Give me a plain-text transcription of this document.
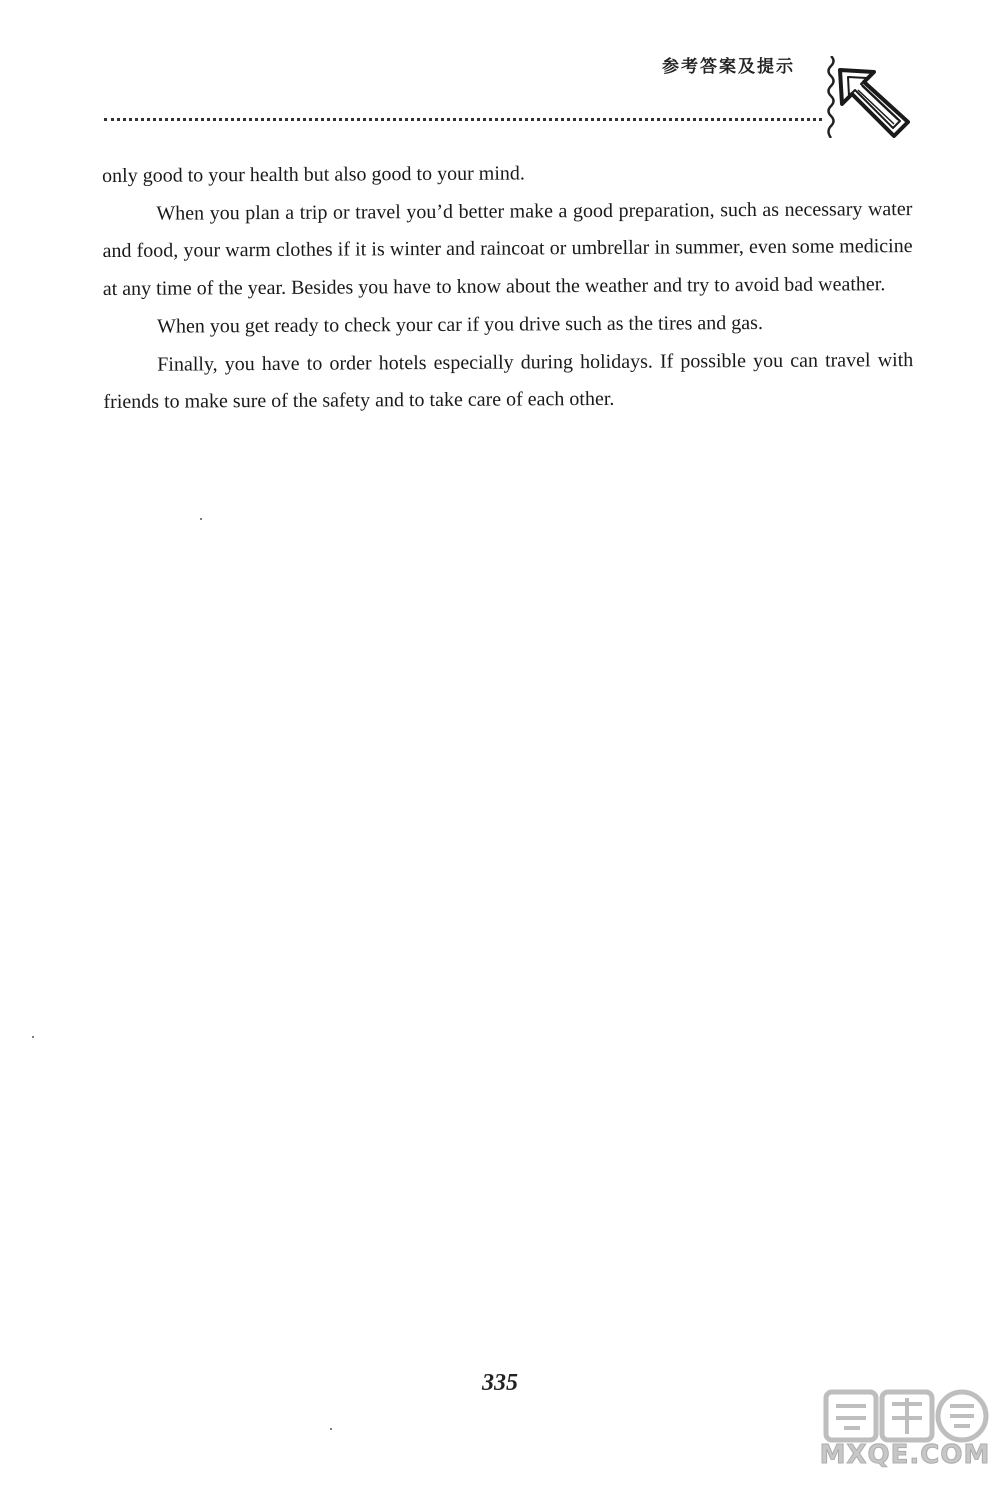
参考答案及提示

only good to your health but also good to your mind.

When you plan a trip or travel you’d better make a good preparation, such as necessary water and food, your warm clothes if it is winter and raincoat or umbrellar in summer, even some medicine at any time of the year. Besides you have to know about the weather and try to avoid bad weather.

When you get ready to check your car if you drive such as the tires and gas.

Finally, you have to order hotels especially during holidays. If possible you can travel with friends to make sure of the safety and to take care of each other.

335
MXQE.COM
